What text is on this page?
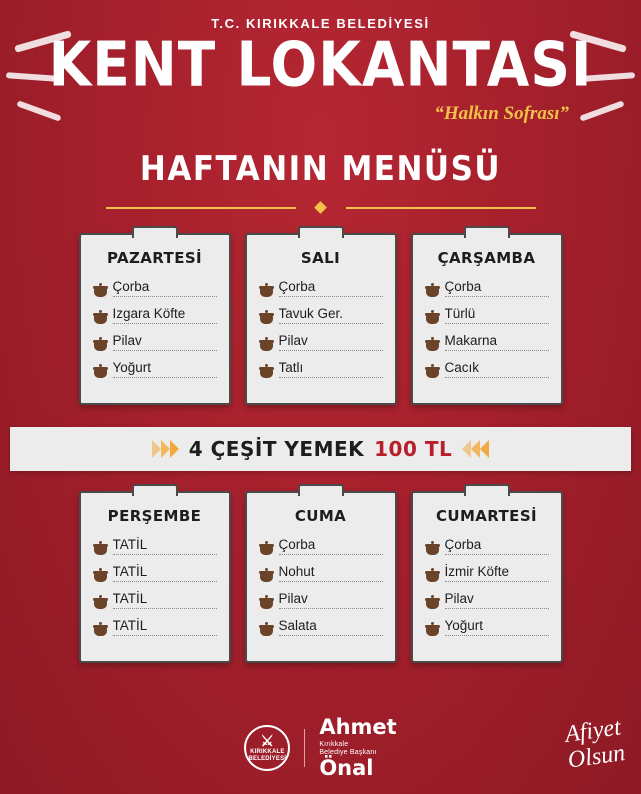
T.C. KIRIKKALE BELEDİYESİ
KENT LOKANTASI
“Halkın Sofrası”
HAFTANIN MENÜSÜ
PAZARTESİ
Çorba
Izgara Köfte
Pilav
Yoğurt
SALI
Çorba
Tavuk Ger.
Pilav
Tatlı
ÇARŞAMBA
Çorba
Türlü
Makarna
Cacık
4 ÇEŞİT YEMEK 100 TL
PERŞEMBE
TATİL
TATİL
TATİL
TATİL
CUMA
Çorba
Nohut
Pilav
Salata
CUMARTESİ
Çorba
İzmir Köfte
Pilav
Yoğurt
⚔
KIRIKKALE
BELEDİYESİ
Ahmet
Kırıkkale
Belediye Başkanı
Önal
Afiyet
Olsun
